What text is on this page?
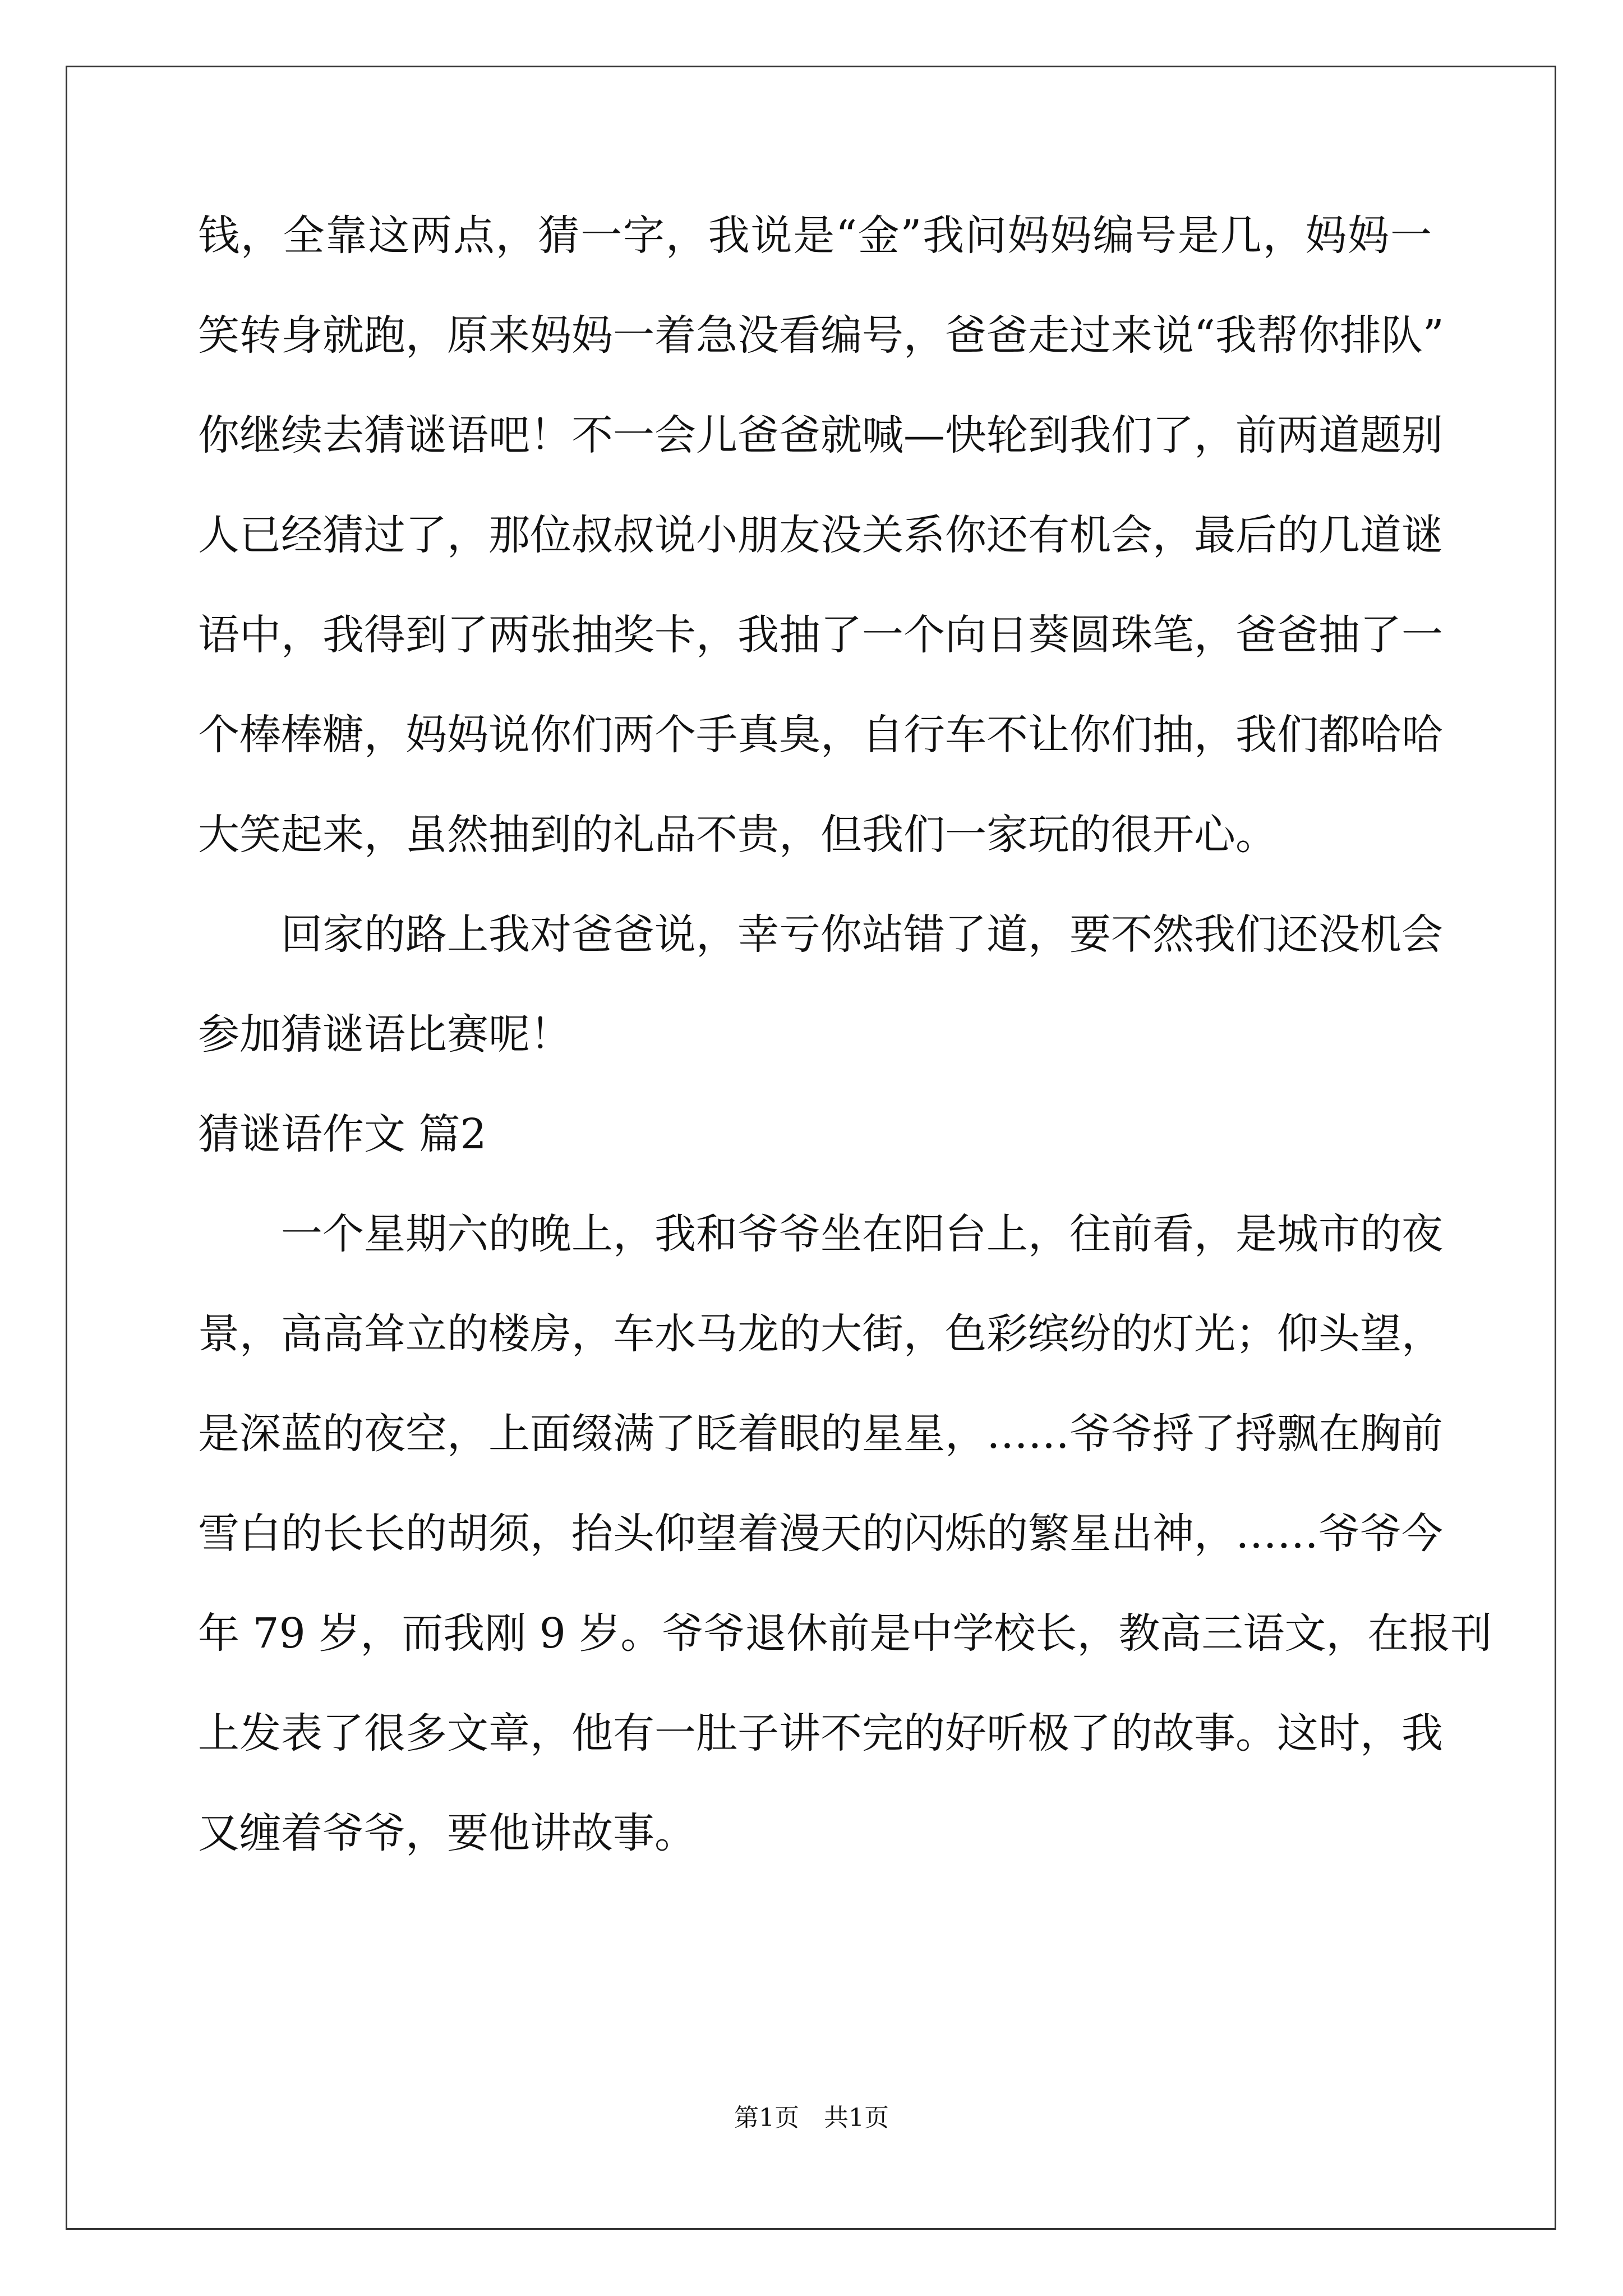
钱，全靠这两点，猜一字，我说是“金”我问妈妈编号是几，妈妈一
笑转身就跑，原来妈妈一着急没看编号，爸爸走过来说“我帮你排队”
你继续去猜谜语吧！不一会儿爸爸就喊—快轮到我们了，前两道题别
人已经猜过了，那位叔叔说小朋友没关系你还有机会，最后的几道谜
语中，我得到了两张抽奖卡，我抽了一个向日葵圆珠笔，爸爸抽了一
个棒棒糖，妈妈说你们两个手真臭，自行车不让你们抽，我们都哈哈
大笑起来，虽然抽到的礼品不贵，但我们一家玩的很开心。
　　回家的路上我对爸爸说，幸亏你站错了道，要不然我们还没机会
参加猜谜语比赛呢！
猜谜语作文 篇2
　　一个星期六的晚上，我和爷爷坐在阳台上，往前看，是城市的夜
景，高高耸立的楼房，车水马龙的大街，色彩缤纷的灯光；仰头望，
是深蓝的夜空，上面缀满了眨着眼的星星，……爷爷捋了捋飘在胸前
雪白的长长的胡须，抬头仰望着漫天的闪烁的繁星出神，……爷爷今
年 79 岁，而我刚 9 岁。爷爷退休前是中学校长，教高三语文，在报刊
上发表了很多文章，他有一肚子讲不完的好听极了的故事。这时，我
又缠着爷爷，要他讲故事。
第1页　共1页
